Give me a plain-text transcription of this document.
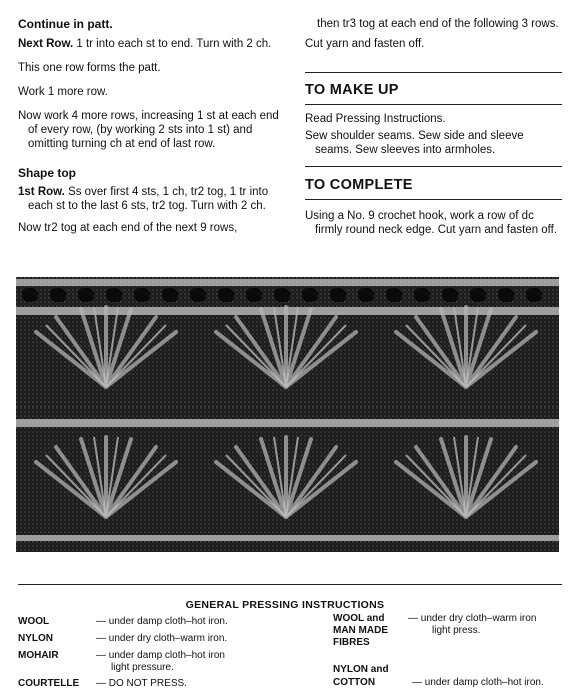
Continue in patt.

Next Row. 1 tr into each st to end. Turn with 2 ch.

This one row forms the patt.

Work 1 more row.

Now work 4 more rows, increasing 1 st at each end of every row, (by working 2 sts into 1 st) and omitting turning ch at end of last row.

Shape top

1st Row. Ss over first 4 sts, 1 ch, tr2 tog, 1 tr into each st to the last 6 sts, tr2 tog. Turn with 2 ch.

Now tr2 tog at each end of the next 9 rows,

then tr3 tog at each end of the following 3 rows.

Cut yarn and fasten off.

TO MAKE UP

Read Pressing Instructions.

Sew shoulder seams. Sew side and sleeve seams. Sew sleeves into armholes.

TO COMPLETE

Using a No. 9 crochet hook, work a row of dc firmly round neck edge. Cut yarn and fasten off.

GENERAL PRESSING INSTRUCTIONS
WOOL	— under damp cloth–hot iron.
NYLON	— under dry cloth–warm iron.
MOHAIR	— under damp cloth–hot iron
light pressure.
COURTELLE — DO NOT PRESS.
WOOL and
MAN MADE
FIBRES
— under dry cloth–warm iron
light press.
NYLON and
COTTON	— under damp cloth–hot iron.
